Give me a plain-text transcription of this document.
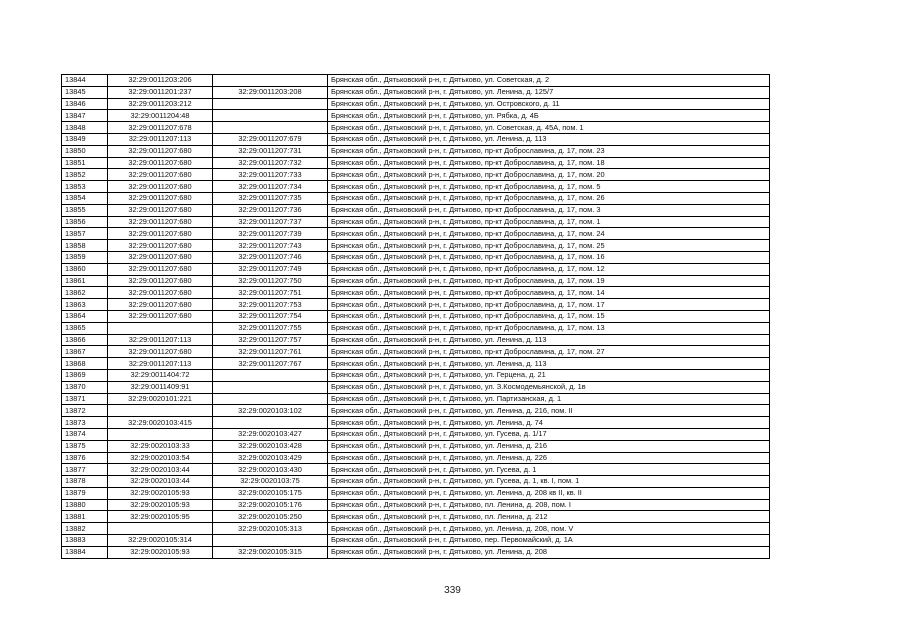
13844	32:29:0011203:206		Брянская обл., Дятьковский р-н, г. Дятьково, ул. Советская, д. 2
13845	32:29:0011201:237	32:29:0011203:208	Брянская обл., Дятьковский р-н, г. Дятьково, ул. Ленина, д. 125/7
13846	32:29:0011203:212		Брянская обл., Дятьковский р-н, г. Дятьково, ул. Островского, д. 11
13847	32:29:0011204:48		Брянская обл., Дятьковский р-н, г. Дятьково, ул. Рябка, д. 4Б
13848	32:29:0011207:678		Брянская обл., Дятьковский р-н, г. Дятьково, ул. Советская, д. 45А, пом. 1
13849	32:29:0011207:113	32:29:0011207:679	Брянская обл., Дятьковский р-н, г. Дятьково, ул. Ленина, д. 113
13850	32:29:0011207:680	32:29:0011207:731	Брянская обл., Дятьковский р-н, г. Дятьково, пр-кт Доброславина, д. 17, пом. 23
13851	32:29:0011207:680	32:29:0011207:732	Брянская обл., Дятьковский р-н, г. Дятьково, пр-кт Доброславина, д. 17, пом. 18
13852	32:29:0011207:680	32:29:0011207:733	Брянская обл., Дятьковский р-н, г. Дятьково, пр-кт Доброславина, д. 17, пом. 20
13853	32:29:0011207:680	32:29:0011207:734	Брянская обл., Дятьковский р-н, г. Дятьково, пр-кт Доброславина, д. 17, пом. 5
13854	32:29:0011207:680	32:29:0011207:735	Брянская обл., Дятьковский р-н, г. Дятьково, пр-кт Доброславина, д. 17, пом. 26
13855	32:29:0011207:680	32:29:0011207:736	Брянская обл., Дятьковский р-н, г. Дятьково, пр-кт Доброславина, д. 17, пом. 3
13856	32:29:0011207:680	32:29:0011207:737	Брянская обл., Дятьковский р-н, г. Дятьково, пр-кт Доброславина, д. 17, пом. 1
13857	32:29:0011207:680	32:29:0011207:739	Брянская обл., Дятьковский р-н, г. Дятьково, пр-кт Доброславина, д. 17, пом. 24
13858	32:29:0011207:680	32:29:0011207:743	Брянская обл., Дятьковский р-н, г. Дятьково, пр-кт Доброславина, д. 17, пом. 25
13859	32:29:0011207:680	32:29:0011207:746	Брянская обл., Дятьковский р-н, г. Дятьково, пр-кт Доброславина, д. 17, пом. 16
13860	32:29:0011207:680	32:29:0011207:749	Брянская обл., Дятьковский р-н, г. Дятьково, пр-кт Доброславина, д. 17, пом. 12
13861	32:29:0011207:680	32:29:0011207:750	Брянская обл., Дятьковский р-н, г. Дятьково, пр-кт Доброславина, д. 17, пом. 19
13862	32:29:0011207:680	32:29:0011207:751	Брянская обл., Дятьковский р-н, г. Дятьково, пр-кт Доброславина, д. 17, пом. 14
13863	32:29:0011207:680	32:29:0011207:753	Брянская обл., Дятьковский р-н, г. Дятьково, пр-кт Доброславина, д. 17, пом. 17
13864	32:29:0011207:680	32:29:0011207:754	Брянская обл., Дятьковский р-н, г. Дятьково, пр-кт Доброславина, д. 17, пом. 15
13865		32:29:0011207:755	Брянская обл., Дятьковский р-н, г. Дятьково, пр-кт Доброславина, д. 17, пом. 13
13866	32:29:0011207:113	32:29:0011207:757	Брянская обл., Дятьковский р-н, г. Дятьково, ул. Ленина, д. 113
13867	32:29:0011207:680	32:29:0011207:761	Брянская обл., Дятьковский р-н, г. Дятьково, пр-кт Доброславина, д. 17, пом. 27
13868	32:29:0011207:113	32:29:0011207:767	Брянская обл., Дятьковский р-н, г. Дятьково, ул. Ленина, д. 113
13869	32:29:0011404:72		Брянская обл., Дятьковский р-н, г. Дятьково, ул. Герцена, д. 21
13870	32:29:0011409:91		Брянская обл., Дятьковский р-н, г. Дятьково, ул. З.Космодемьянской, д. 1в
13871	32:29:0020101:221		Брянская обл., Дятьковский р-н, г. Дятьково, ул. Партизанская, д. 1
13872		32:29:0020103:102	Брянская обл., Дятьковский р-н, г. Дятьково, ул. Ленина, д. 216, пом. II
13873	32:29:0020103:415		Брянская обл., Дятьковский р-н, г. Дятьково, ул. Ленина, д. 74
13874		32:29:0020103:427	Брянская обл., Дятьковский р-н, г. Дятьково, ул. Гусева, д. 1/17
13875	32:29:0020103:33	32:29:0020103:428	Брянская обл., Дятьковский р-н, г. Дятьково, ул. Ленина, д. 216
13876	32:29:0020103:54	32:29:0020103:429	Брянская обл., Дятьковский р-н, г. Дятьково, ул. Ленина, д. 226
13877	32:29:0020103:44	32:29:0020103:430	Брянская обл., Дятьковский р-н, г. Дятьково, ул. Гусева, д. 1
13878	32:29:0020103:44	32:29:0020103:75	Брянская обл., Дятьковский р-н, г. Дятьково, ул. Гусева, д. 1, кв. I, пом. 1
13879	32:29:0020105:93	32:29:0020105:175	Брянская обл., Дятьковский р-н, г. Дятьково, ул. Ленина, д. 208 кв II, кв. II
13880	32:29:0020105:93	32:29:0020105:176	Брянская обл., Дятьковский р-н, г. Дятьково, пл. Ленина, д. 208, пом. I
13881	32:29:0020105:95	32:29:0020105:250	Брянская обл., Дятьковский р-н, г. Дятьково, пл. Ленина, д. 212
13882		32:29:0020105:313	Брянская обл., Дятьковский р-н, г. Дятьково, ул. Ленина, д. 208, пом. V
13883	32:29:0020105:314		Брянская обл., Дятьковский р-н, г. Дятьково, пер. Первомайский, д. 1А
13884	32:29:0020105:93	32:29:0020105:315	Брянская обл., Дятьковский р-н, г. Дятьково, ул. Ленина, д. 208
339
